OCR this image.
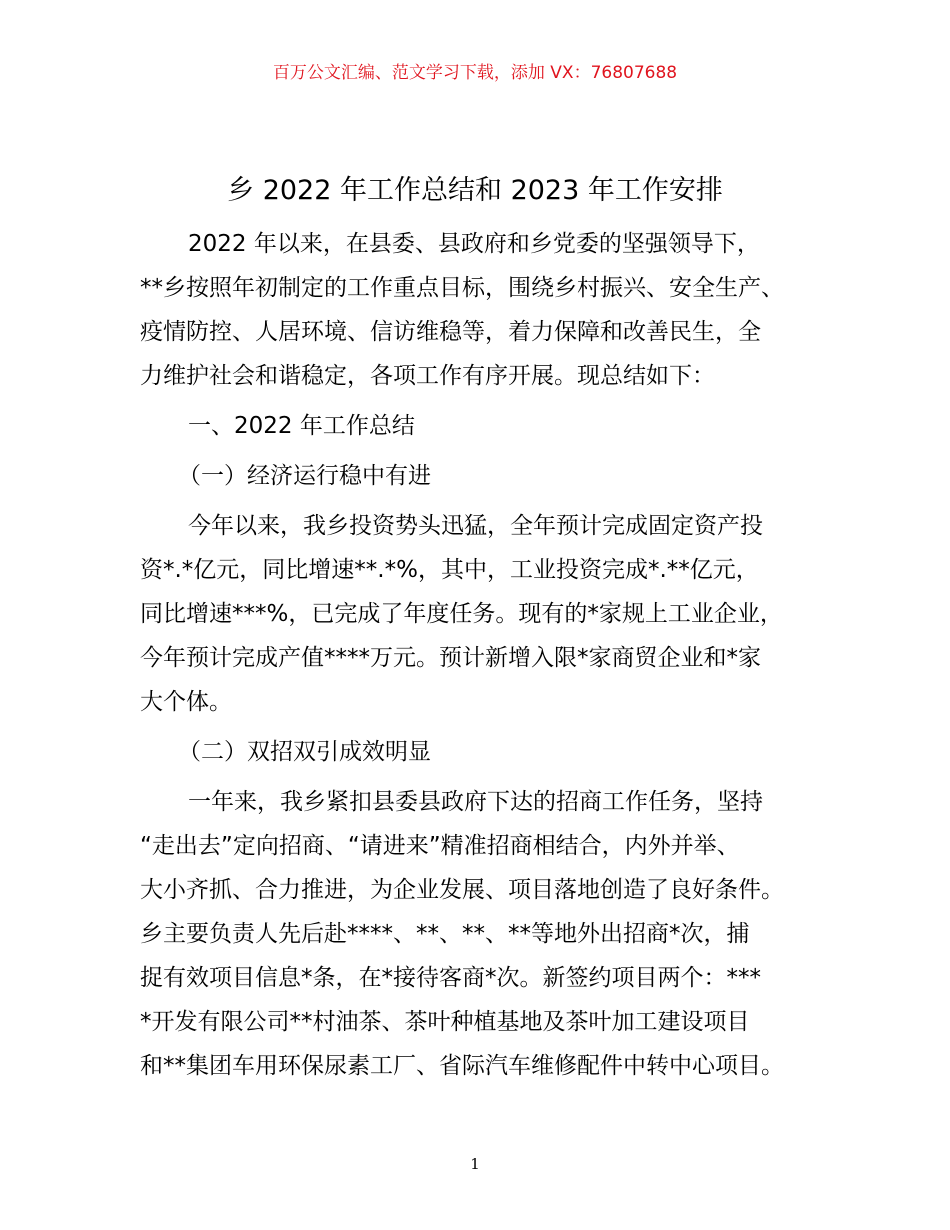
百万公文汇编、范文学习下载，添加 VX：76807688
乡 2022 年工作总结和 2023 年工作安排

2022 年以来，在县委、县政府和乡党委的坚强领导下，
**乡按照年初制定的工作重点目标，围绕乡村振兴、安全生产、
疫情防控、人居环境、信访维稳等，着力保障和改善民生，全
力维护社会和谐稳定，各项工作有序开展。现总结如下：

一、2022 年工作总结

（一）经济运行稳中有进

今年以来，我乡投资势头迅猛，全年预计完成固定资产投
资*.*亿元，同比增速**.*%，其中，工业投资完成*.**亿元，
同比增速***%，已完成了年度任务。现有的*家规上工业企业，
今年预计完成产值****万元。预计新增入限*家商贸企业和*家
大个体。

（二）双招双引成效明显

一年来，我乡紧扣县委县政府下达的招商工作任务，坚持
“走出去”定向招商、“请进来”精准招商相结合，内外并举、
大小齐抓、合力推进，为企业发展、项目落地创造了良好条件。
乡主要负责人先后赴****、**、**、**等地外出招商*次，捕
捉有效项目信息*条，在*接待客商*次。新签约项目两个：***
*开发有限公司**村油茶、茶叶种植基地及茶叶加工建设项目
和**集团车用环保尿素工厂、省际汽车维修配件中转中心项目。

1
